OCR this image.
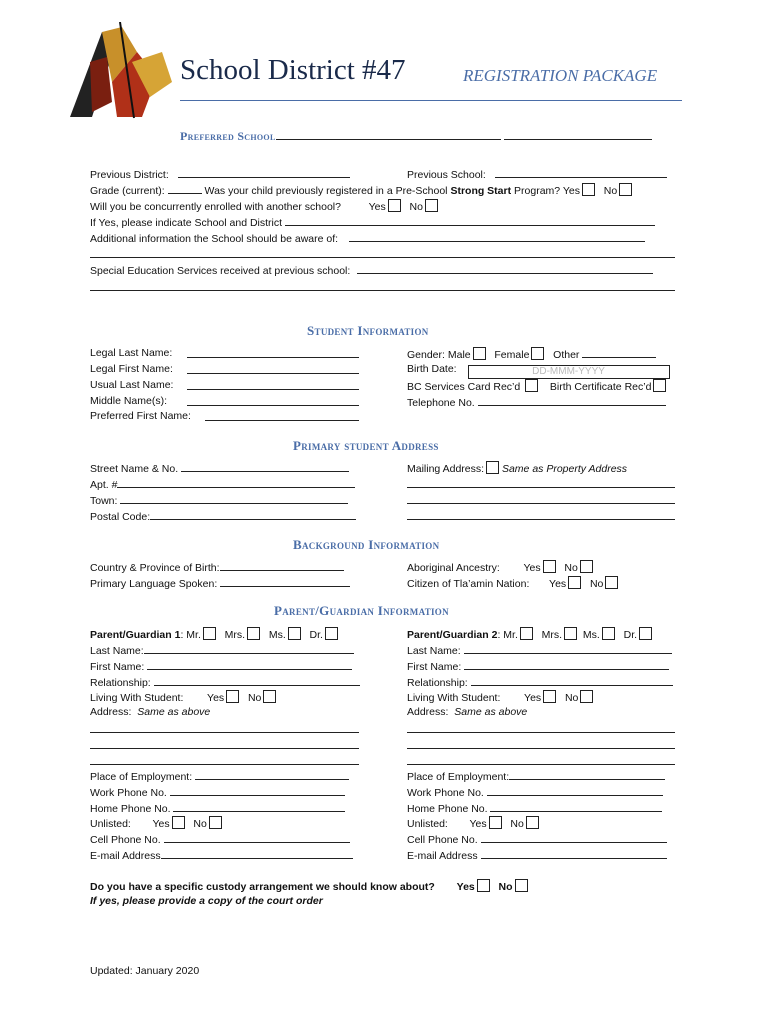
School District #47	REGISTRATION PACKAGE
Preferred School
Previous District:	Previous School:
Grade (current):	Was your child previously registered in a Pre-School Strong Start Program? Yes No
Will you be concurrently enrolled with another school?	Yes No
If Yes, please indicate School and District
Additional information the School should be aware of:
Special Education Services received at previous school:
Student Information
Legal Last Name:
Legal First Name:
Usual Last Name:
Middle Name(s):
Preferred First Name:
Gender: Male Female Other
Birth Date:	DD-MMM-YYYY
BC Services Card Rec’d	Birth Certificate Rec’d
Telephone No.
Primary student Address
Street Name & No.
Apt. #
Town:
Postal Code:
Mailing Address: Same as Property Address
Background Information
Country & Province of Birth:
Primary Language Spoken:
Aboriginal Ancestry: Yes No
Citizen of Tla’amin Nation: Yes No
Parent/Guardian Information
Parent/Guardian 1: Mr. Mrs. Ms. Dr.
Last Name:
First Name:
Relationship:
Living With Student: Yes No
Address: Same as above
Place of Employment:
Work Phone No.
Home Phone No.
Unlisted: Yes No
Cell Phone No.
E-mail Address
Parent/Guardian 2: Mr. Mrs. Ms. Dr.
Last Name:
First Name:
Relationship:
Living With Student: Yes No
Address: Same as above
Place of Employment:
Work Phone No.
Home Phone No.
Unlisted: Yes No
Cell Phone No.
E-mail Address
Do you have a specific custody arrangement we should know about? Yes No
If yes, please provide a copy of the court order
Updated: January 2020
